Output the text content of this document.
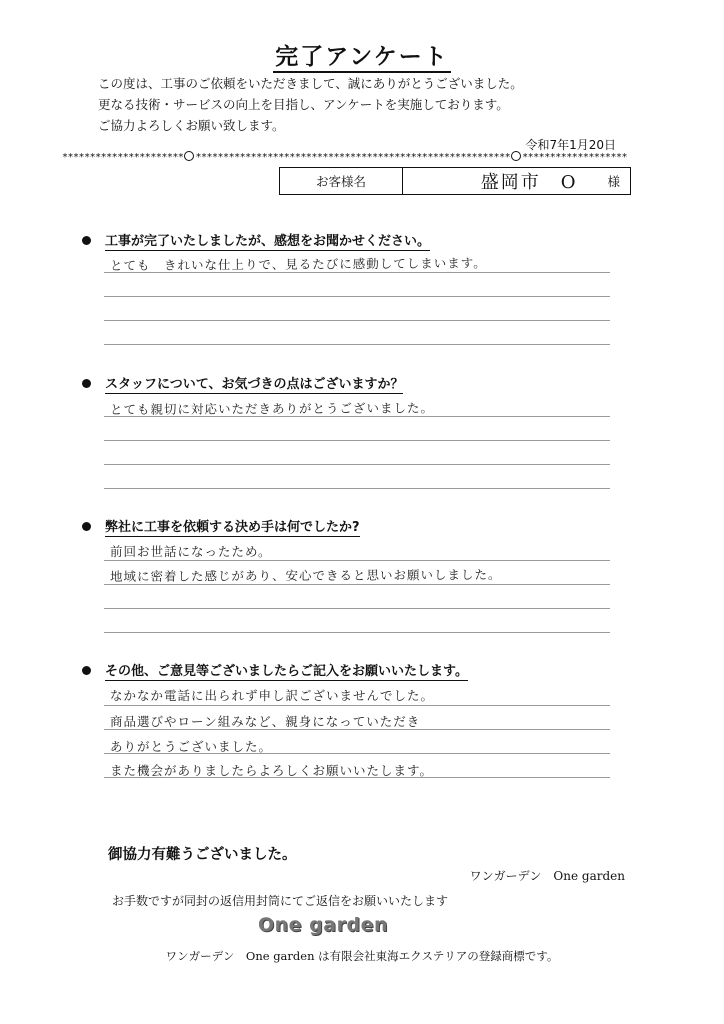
完了アンケート
この度は、工事のご依頼をいただきまして、誠にありがとうございました。
更なる技術・サービスの向上を目指し、アンケートを実施しております。
ご協力よろしくお願い致します。
令和7年1月20日
********************** ********************************************************* *******************
お客様名	盛岡市　O 様
工事が完了いたしましたが、感想をお聞かせください。
とても　きれいな仕上りで、見るたびに感動してしまいます。
スタッフについて、お気づきの点はございますか？
とても親切に対応いただきありがとうございました。
弊社に工事を依頼する決め手は何でしたか?
前回お世話になったため。
地域に密着した感じがあり、安心できると思いお願いしました。
その他、ご意見等ございましたらご記入をお願いいたします。
なかなか電話に出られず申し訳ございませんでした。
商品選びやローン組みなど、親身になっていただき
ありがとうございました。
また機会がありましたらよろしくお願いいたします。
御協力有難うございました。
ワンガーデン　One garden
お手数ですが同封の返信用封筒にてご返信をお願いいたします
One garden
ワンガーデン　One garden は有限会社東海エクステリアの登録商標です。
